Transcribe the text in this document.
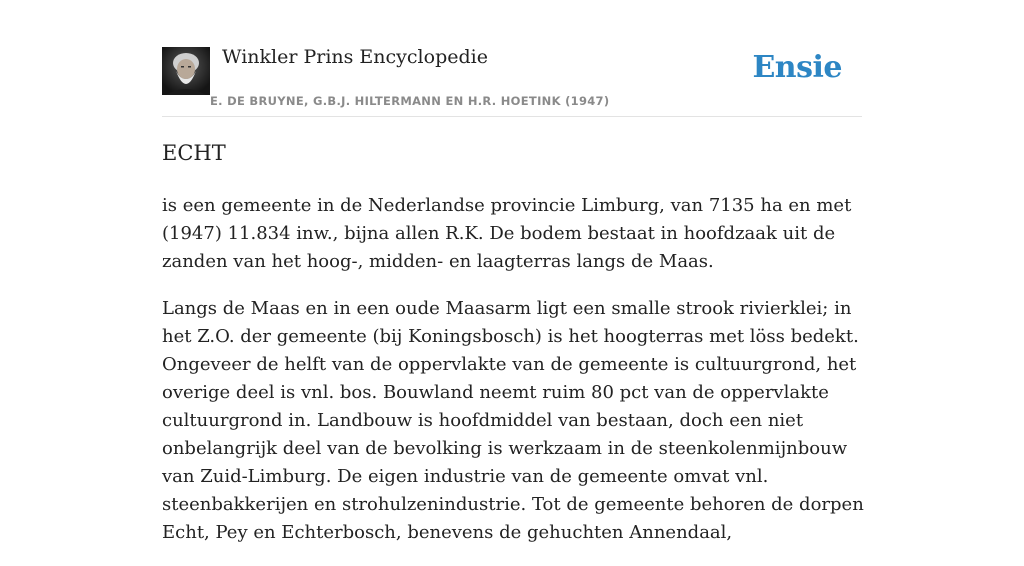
Winkler Prins Encyclopedie
E. DE BRUYNE, G.B.J. HILTERMANN EN H.R. HOETINK (1947)
Ensie
ECHT

is een gemeente in de Nederlandse provincie Limburg, van 7135 ha en met (1947) 11.834 inw., bijna allen R.K. De bodem bestaat in hoofdzaak uit de zanden van het hoog-, midden- en laagterras langs de Maas.

Langs de Maas en in een oude Maasarm ligt een smalle strook rivierklei; in het Z.O. der gemeente (bij Koningsbosch) is het hoogterras met löss bedekt. Ongeveer de helft van de oppervlakte van de gemeente is cultuurgrond, het overige deel is vnl. bos. Bouwland neemt ruim 80 pct van de oppervlakte cultuurgrond in. Landbouw is hoofdmiddel van bestaan, doch een niet onbelangrijk deel van de bevolking is werkzaam in de steenkolenmijnbouw van Zuid-Limburg. De eigen industrie van de gemeente omvat vnl. steenbakkerijen en strohulzenindustrie. Tot de gemeente behoren de dorpen Echt, Pey en Echterbosch, benevens de gehuchten Annendaal,
